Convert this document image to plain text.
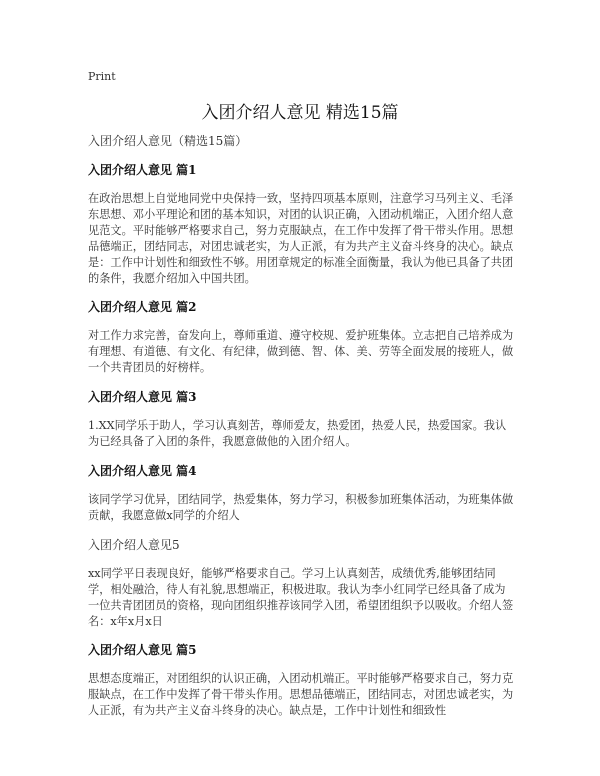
Print
入团介绍人意见 精选15篇
入团介绍人意见（精选15篇）
入团介绍人意见 篇1

在政治思想上自觉地同党中央保持一致，坚持四项基本原则，注意学习马列主义、毛泽东思想、邓小平理论和团的基本知识，对团的认识正确，入团动机端正，入团介绍人意见范文。平时能够严格要求自己，努力克服缺点，在工作中发挥了骨干带头作用。思想品德端正，团结同志，对团忠诚老实，为人正派，有为共产主义奋斗终身的决心。缺点是：工作中计划性和细致性不够。用团章规定的标准全面衡量，我认为他已具备了共团的条件，我愿介绍加入中国共团。

入团介绍人意见 篇2

对工作力求完善，奋发向上，尊师重道、遵守校规、爱护班集体。立志把自己培养成为有理想、有道德、有文化、有纪律，做到德、智、体、美、劳等全面发展的接班人，做一个共青团员的好榜样。

入团介绍人意见 篇3

1.XX同学乐于助人，学习认真刻苦，尊师爱友，热爱团，热爱人民，热爱国家。我认为已经具备了入团的条件，我愿意做他的入团介绍人。

入团介绍人意见 篇4

该同学学习优异，团结同学，热爱集体，努力学习，积极参加班集体活动，为班集体做贡献，我愿意做x同学的介绍人

入团介绍人意见5

xx同学平日表现良好，能够严格要求自己。学习上认真刻苦，成绩优秀,能够团结同学，相处融洽，待人有礼貌,思想端正，积极进取。我认为李小红同学已经具备了成为一位共青团团员的资格，现向团组织推荐该同学入团，希望团组织予以吸收。介绍人签名：x年x月x日

入团介绍人意见 篇5

思想态度端正，对团组织的认识正确，入团动机端正。平时能够严格要求自己，努力克服缺点，在工作中发挥了骨干带头作用。思想品德端正，团结同志，对团忠诚老实，为人正派，有为共产主义奋斗终身的决心。缺点是，工作中计划性和细致性
